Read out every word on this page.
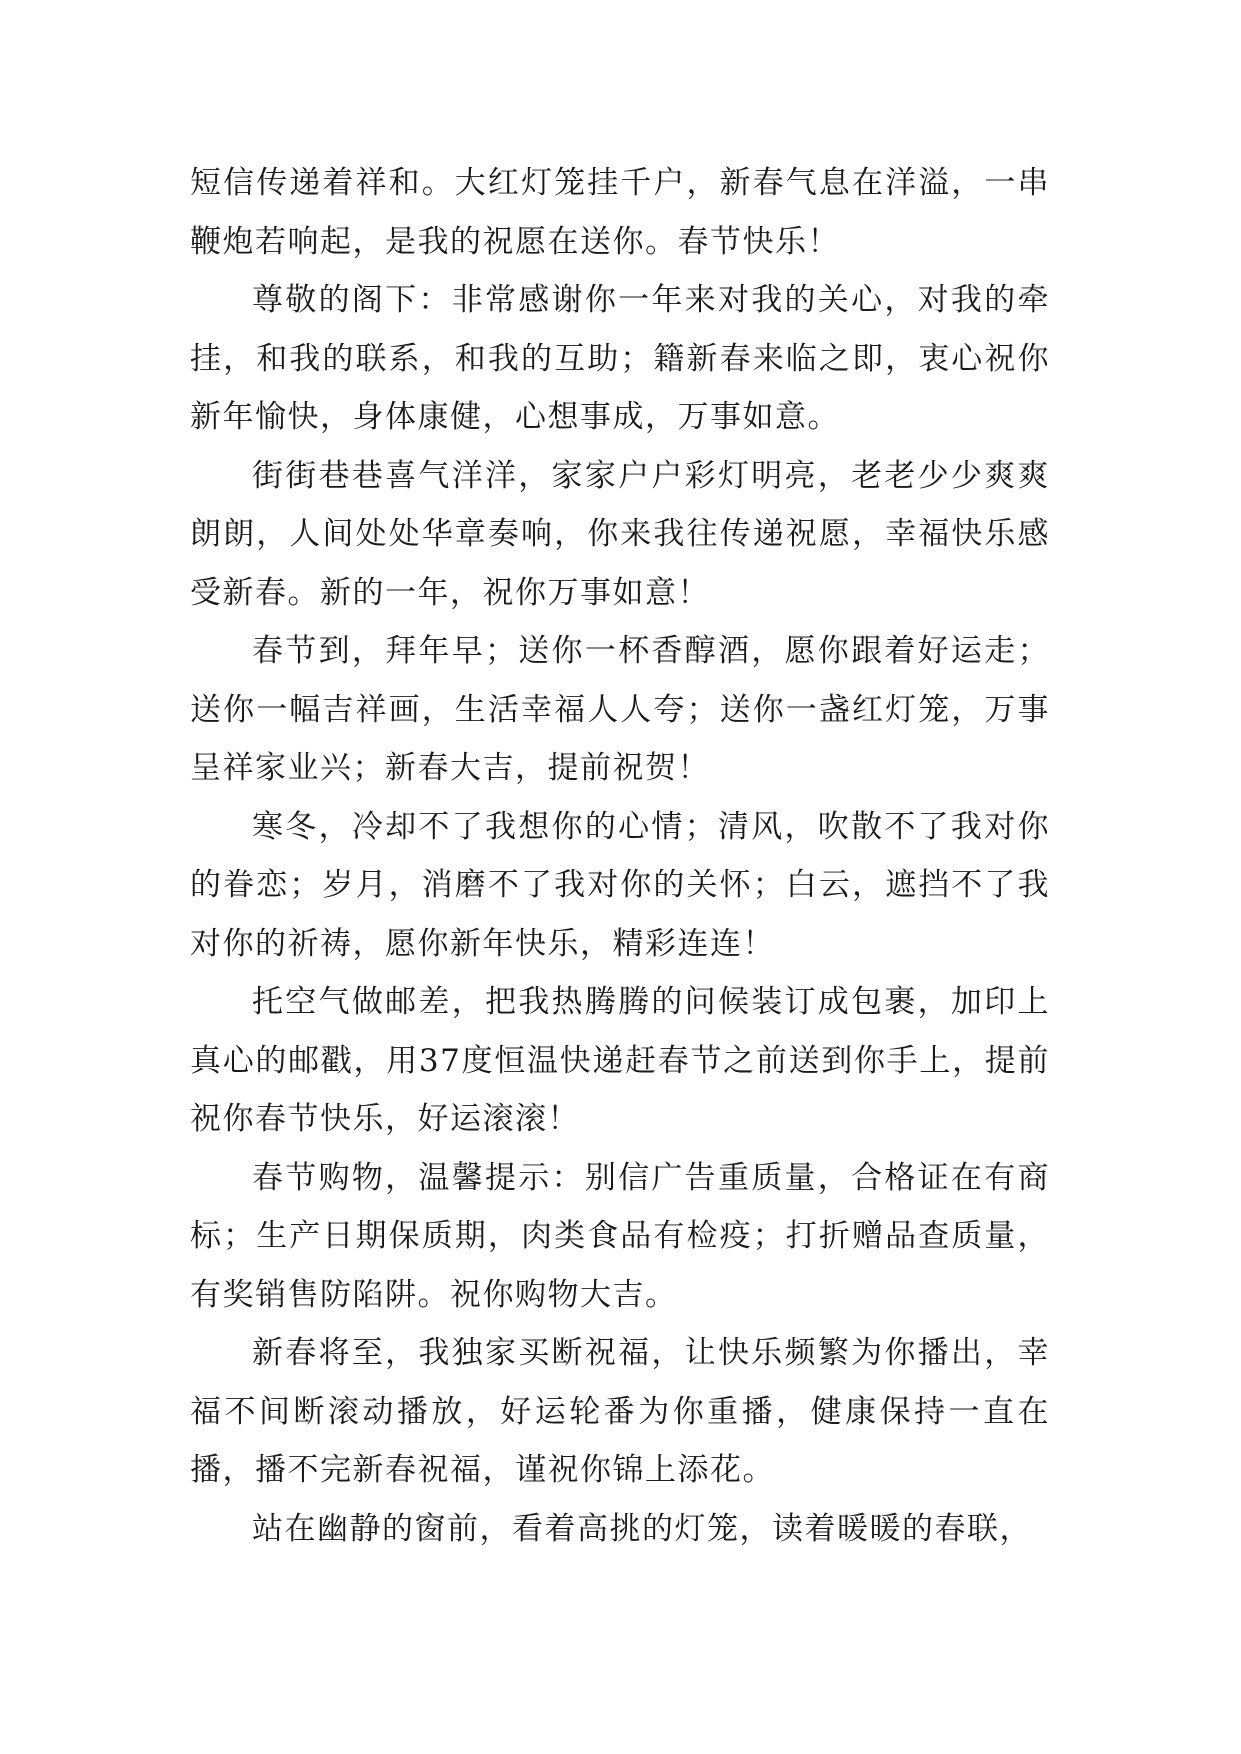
短信传递着祥和。大红灯笼挂千户，新春气息在洋溢，一串鞭炮若响起，是我的祝愿在送你。春节快乐！

尊敬的阁下：非常感谢你一年来对我的关心，对我的牵挂，和我的联系，和我的互助；籍新春来临之即，衷心祝你新年愉快，身体康健，心想事成，万事如意。

街街巷巷喜气洋洋，家家户户彩灯明亮，老老少少爽爽朗朗，人间处处华章奏响，你来我往传递祝愿，幸福快乐感受新春。新的一年，祝你万事如意！

春节到，拜年早；送你一杯香醇酒，愿你跟着好运走；送你一幅吉祥画，生活幸福人人夸；送你一盏红灯笼，万事呈祥家业兴；新春大吉，提前祝贺！

寒冬，冷却不了我想你的心情；清风，吹散不了我对你的眷恋；岁月，消磨不了我对你的关怀；白云，遮挡不了我对你的祈祷，愿你新年快乐，精彩连连！

托空气做邮差，把我热腾腾的问候装订成包裹，加印上真心的邮戳，用37度恒温快递赶春节之前送到你手上，提前祝你春节快乐，好运滚滚！

春节购物，温馨提示：别信广告重质量，合格证在有商标；生产日期保质期，肉类食品有检疫；打折赠品查质量，有奖销售防陷阱。祝你购物大吉。

新春将至，我独家买断祝福，让快乐频繁为你播出，幸福不间断滚动播放，好运轮番为你重播，健康保持一直在播，播不完新春祝福，谨祝你锦上添花。

站在幽静的窗前，看着高挑的灯笼，读着暖暖的春联，
